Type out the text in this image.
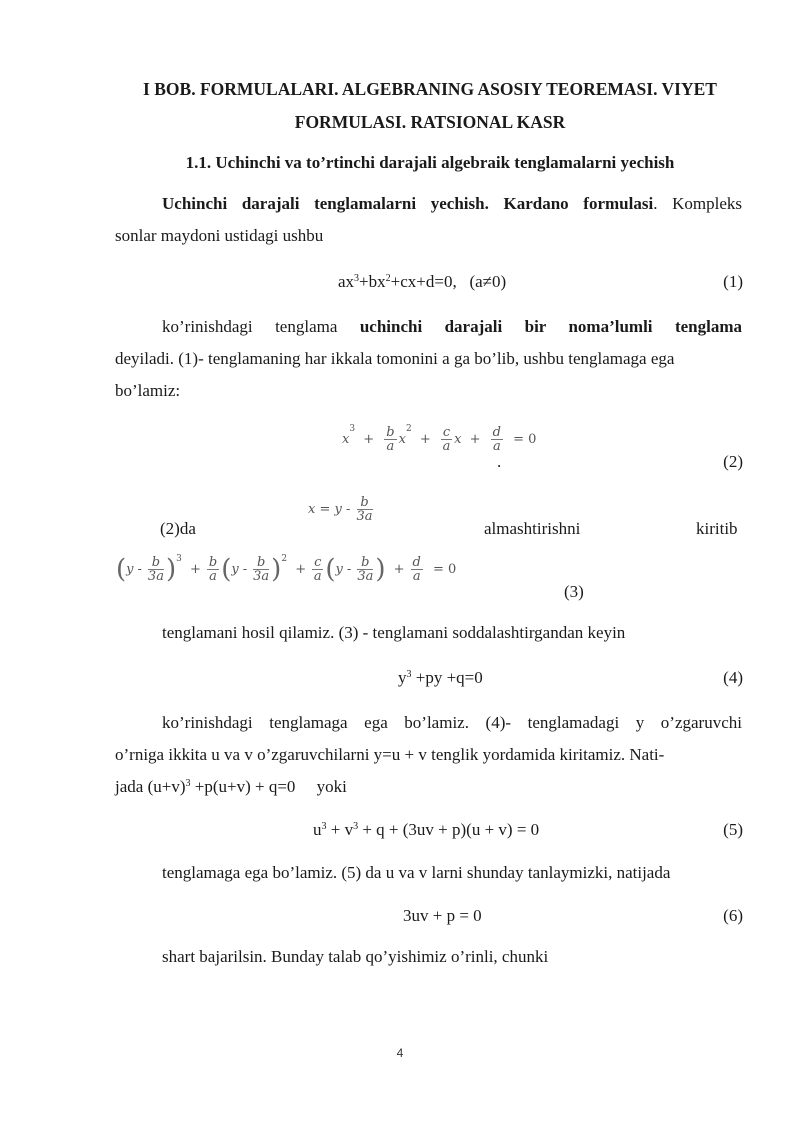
I BOB. FORMULALARI. ALGEBRANING ASOSIY TEOREMASI. VIYET
FORMULASI. RATSIONAL KASR
1.1. Uchinchi va to’rtinchi darajali algebraik tenglamalarni yechish
Uchinchi darajali tenglamalarni yechish. Kardano formulasi. Kompleks
sonlar maydoni ustidagi ushbu
$ax^3+bx^2+cx+d=0$, (a≠0)	(1)
ko’rinishdagi tenglama uchinchi darajali bir noma’lumli tenglama
deyiladi. (1)- tenglamaning har ikkala tomonini a ga bo’lib, ushbu tenglamaga ega
bo’lamiz:
$x^3 + \frac{b}{a} x^2 + \frac{c}{a}$ $x + \frac{d}{a} = 0$
.	(2)
(2)da
$x = y - \frac{b}{3a}$
almashtirishni	kiritib
$(y - \frac{b}{3a} )^3 + \frac{b}{a} (y - \frac{b}{3a} )^2 + \frac{c}{a} (y - \frac{b}{3a}$ ) + $\frac{d}{a} = 0$
(3)
tenglamani hosil qilamiz. (3) - tenglamani soddalashtirgandan keyin
$y^3 +py +q=0$	(4)
ko’rinishdagi tenglamaga ega bo’lamiz. (4)- tenglamadagi y o’zgaruvchi
o’rniga ikkita u va v o’zgaruvchilarni y=u + v tenglik yordamida kiritamiz. Nati-
jada $(u+v)^3 +p(u+v) + q=0$     yoki
$u^3 + v^3 + q + (3uv + p)(u + v) = 0$	(5)
tenglamaga ega bo’lamiz. (5) da u va v larni shunday tanlaymizki, natijada
3uv + p = 0	(6)
shart bajarilsin. Bunday talab qo’yishimiz o’rinli, chunki
4
